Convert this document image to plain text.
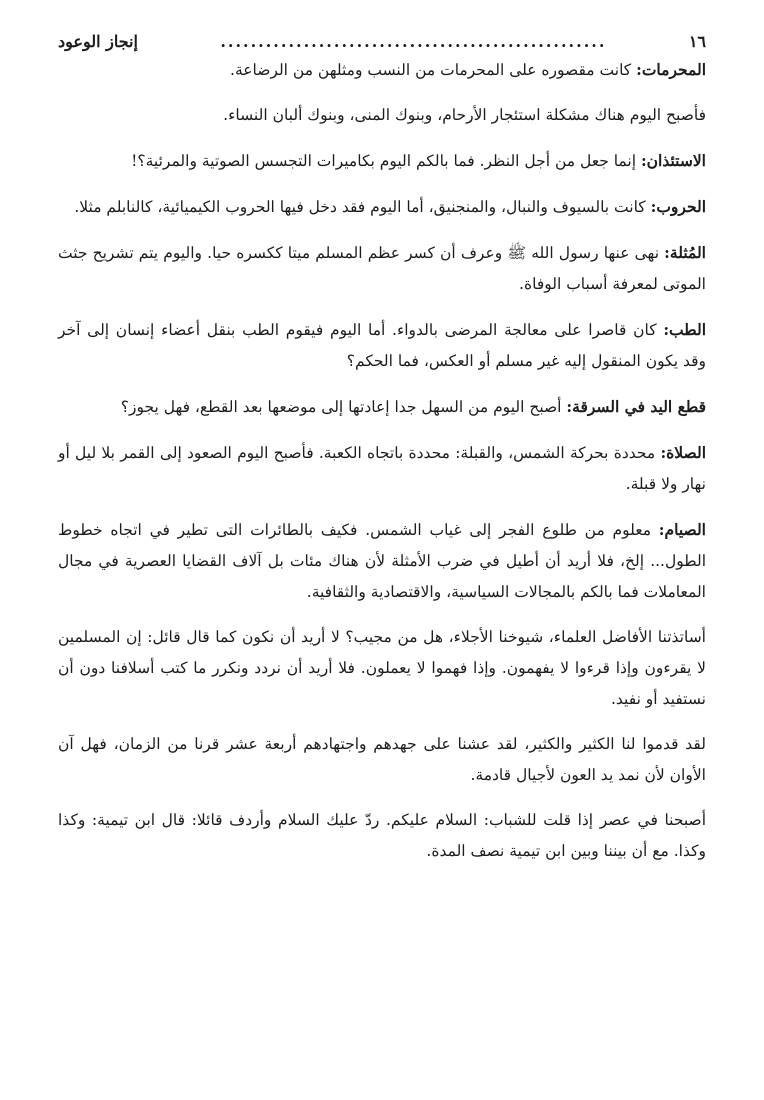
١٦
...................................................
إنجاز الوعود

المحرمات: كانت مقصوره على المحرمات من النسب ومثلهن من الرضاعة.

فأصبح اليوم هناك مشكلة استئجار الأرحام، وبنوك المنى، وبنوك ألبان النساء.

الاستئذان: إنما جعل من أجل النظر. فما بالكم اليوم بكاميرات التجسس الصوتية والمرئية؟!

الحروب: كانت بالسيوف والنبال، والمنجنيق، أما اليوم فقد دخل فيها الحروب الكيميائية، كالنابلم مثلا.

المُثلة: نهى عنها رسول الله ﷺ وعرف أن كسر عظم المسلم ميتا ككسره حيا. واليوم يتم تشريح جثث الموتى لمعرفة أسباب الوفاة.

الطب: كان قاصرا على معالجة المرضى بالدواء. أما اليوم فيقوم الطب بنقل أعضاء إنسان إلى آخر وقد يكون المنقول إليه غير مسلم أو العكس، فما الحكم؟

قطع اليد في السرقة: أصبح اليوم من السهل جدا إعادتها إلى موضعها بعد القطع، فهل يجوز؟

الصلاة: محددة بحركة الشمس، والقبلة: محددة باتجاه الكعبة. فأصبح اليوم الصعود إلى القمر بلا ليل أو نهار ولا قبلة.

الصيام: معلوم من طلوع الفجر إلى غياب الشمس. فكيف بالطائرات التى تطير في اتجاه خطوط الطول... إلخ، فلا أريد أن أطيل في ضرب الأمثلة لأن هناك مئات بل آلاف القضايا العصرية في مجال المعاملات فما بالكم بالمجالات السياسية، والاقتصادية والثقافية.

أساتذتنا الأفاضل العلماء، شيوخنا الأجلاء، هل من مجيب؟ لا أريد أن نكون كما قال قائل: إن المسلمين لا يقرءون وإذا قرءوا لا يفهمون. وإذا فهموا لا يعملون. فلا أريد أن نردد ونكرر ما كتب أسلافنا دون أن نستفيد أو نفيد.

لقد قدموا لنا الكثير والكثير، لقد عشنا على جهدهم واجتهادهم أربعة عشر قرنا من الزمان، فهل آن الأوان لأن نمد يد العون لأجيال قادمة.

أصبحنا في عصر إذا قلت للشباب: السلام عليكم. ردّ عليك السلام وأردف قائلا: قال ابن تيمية: وكذا وكذا. مع أن بيننا وبين ابن تيمية نصف المدة.
